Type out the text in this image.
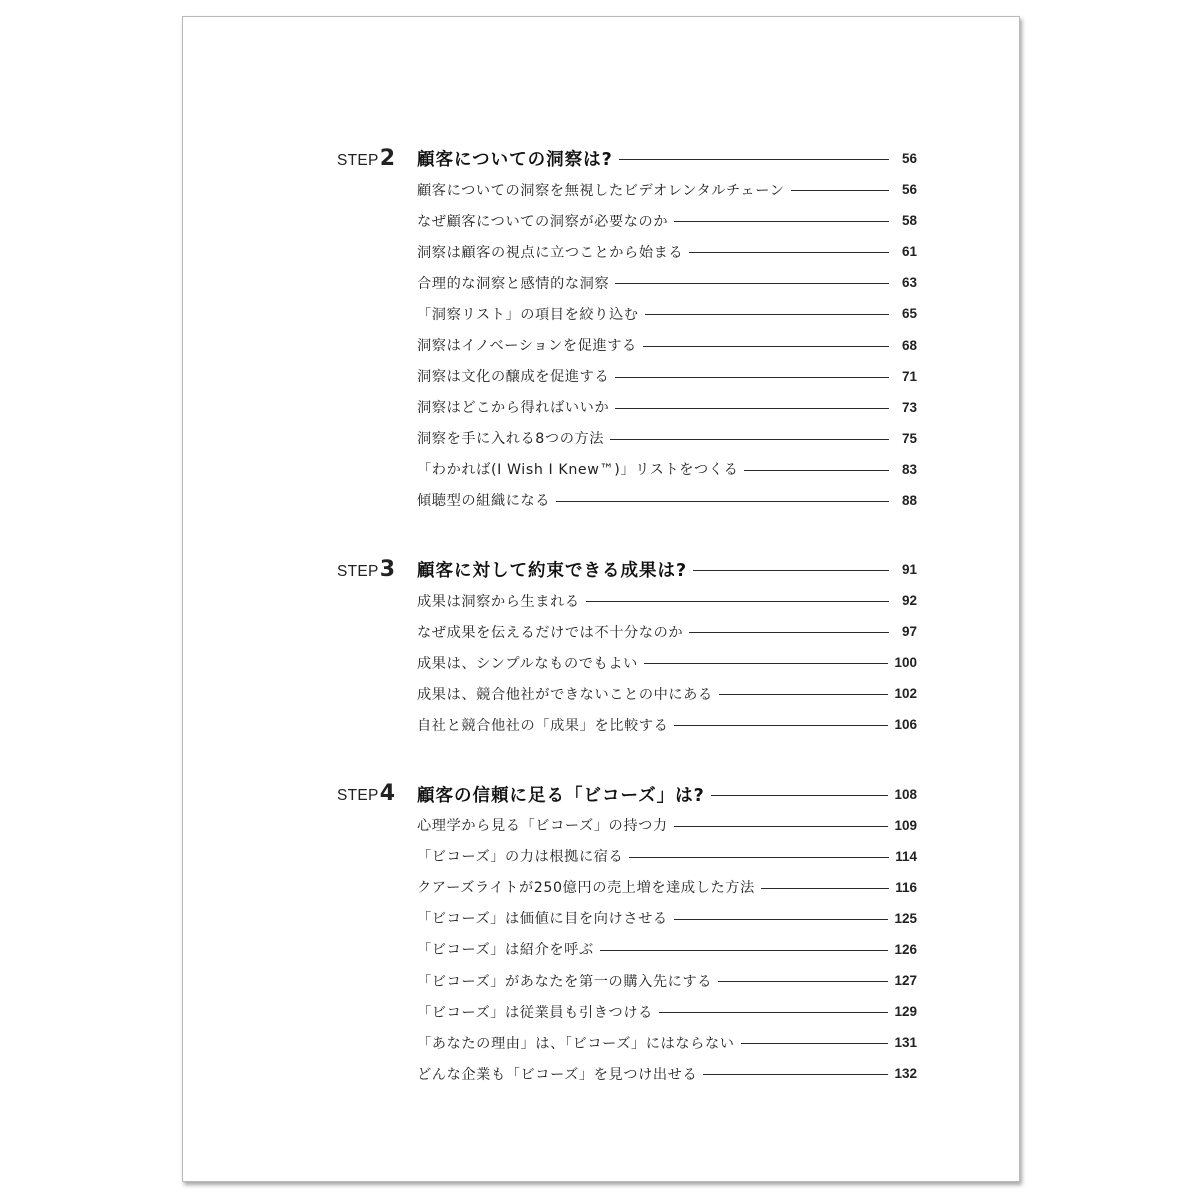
STEP 2 顧客についての洞察は?	56
顧客についての洞察を無視したビデオレンタルチェーン	56
なぜ顧客についての洞察が必要なのか	58
洞察は顧客の視点に立つことから始まる	61
合理的な洞察と感情的な洞察	63
「洞察リスト」の項目を絞り込む	65
洞察はイノベーションを促進する	68
洞察は文化の醸成を促進する	71
洞察はどこから得ればいいか	73
洞察を手に入れる8つの方法	75
「わかれば(I Wish I Knew™)」リストをつくる	83
傾聴型の組織になる	88
STEP 3 顧客に対して約束できる成果は?	91
成果は洞察から生まれる	92
なぜ成果を伝えるだけでは不十分なのか	97
成果は、シンプルなものでもよい	100
成果は、競合他社ができないことの中にある	102
自社と競合他社の「成果」を比較する	106
STEP 4 顧客の信頼に足る「ビコーズ」は?	108
心理学から見る「ビコーズ」の持つ力	109
「ビコーズ」の力は根拠に宿る	114
クアーズライトが250億円の売上増を達成した方法	116
「ビコーズ」は価値に目を向けさせる	125
「ビコーズ」は紹介を呼ぶ	126
「ビコーズ」があなたを第一の購入先にする	127
「ビコーズ」は従業員も引きつける	129
「あなたの理由」は、「ビコーズ」にはならない	131
どんな企業も「ビコーズ」を見つけ出せる	132
